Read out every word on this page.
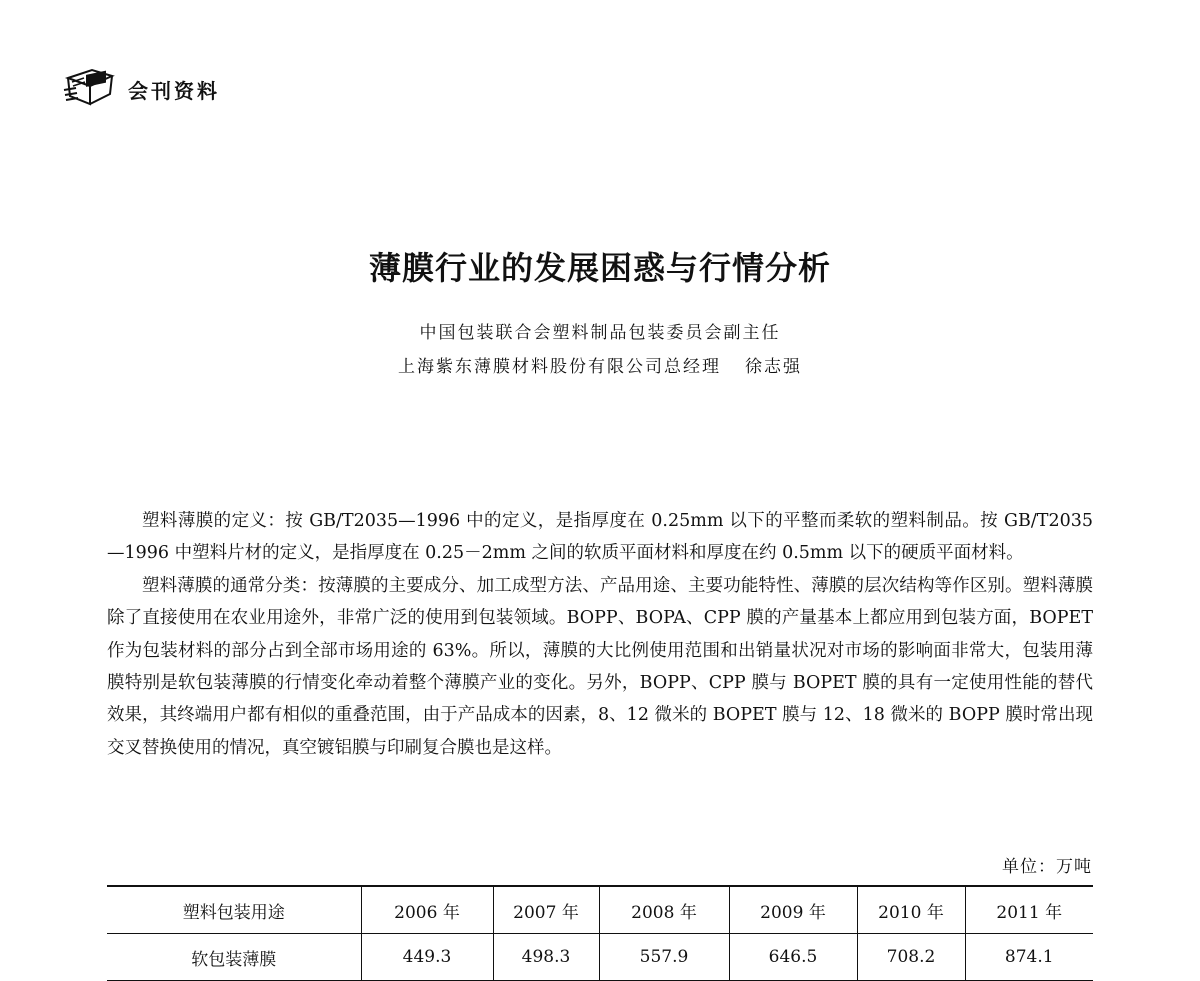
会刊资料
薄膜行业的发展困惑与行情分析
中国包装联合会塑料制品包装委员会副主任
上海紫东薄膜材料股份有限公司总经理 徐志强

塑料薄膜的定义：按 GB/T2035—1996 中的定义，是指厚度在 0.25mm 以下的平整而柔软的塑料制品。按 GB/T2035—1996 中塑料片材的定义，是指厚度在 0.25－2mm 之间的软质平面材料和厚度在约 0.5mm 以下的硬质平面材料。

塑料薄膜的通常分类：按薄膜的主要成分、加工成型方法、产品用途、主要功能特性、薄膜的层次结构等作区别。塑料薄膜除了直接使用在农业用途外，非常广泛的使用到包装领域。BOPP、BOPA、CPP 膜的产量基本上都应用到包装方面，BOPET 作为包装材料的部分占到全部市场用途的 63%。所以，薄膜的大比例使用范围和出销量状况对市场的影响面非常大，包装用薄膜特别是软包装薄膜的行情变化牵动着整个薄膜产业的变化。另外，BOPP、CPP 膜与 BOPET 膜的具有一定使用性能的替代效果，其终端用户都有相似的重叠范围，由于产品成本的因素，8、12 微米的 BOPET 膜与 12、18 微米的 BOPP 膜时常出现交叉替换使用的情况，真空镀铝膜与印刷复合膜也是这样。

单位：万吨
塑料包装用途	2006 年	2007 年	2008 年	2009 年	2010 年	2011 年
软包装薄膜	449.3	498.3	557.9	646.5	708.2	874.1
